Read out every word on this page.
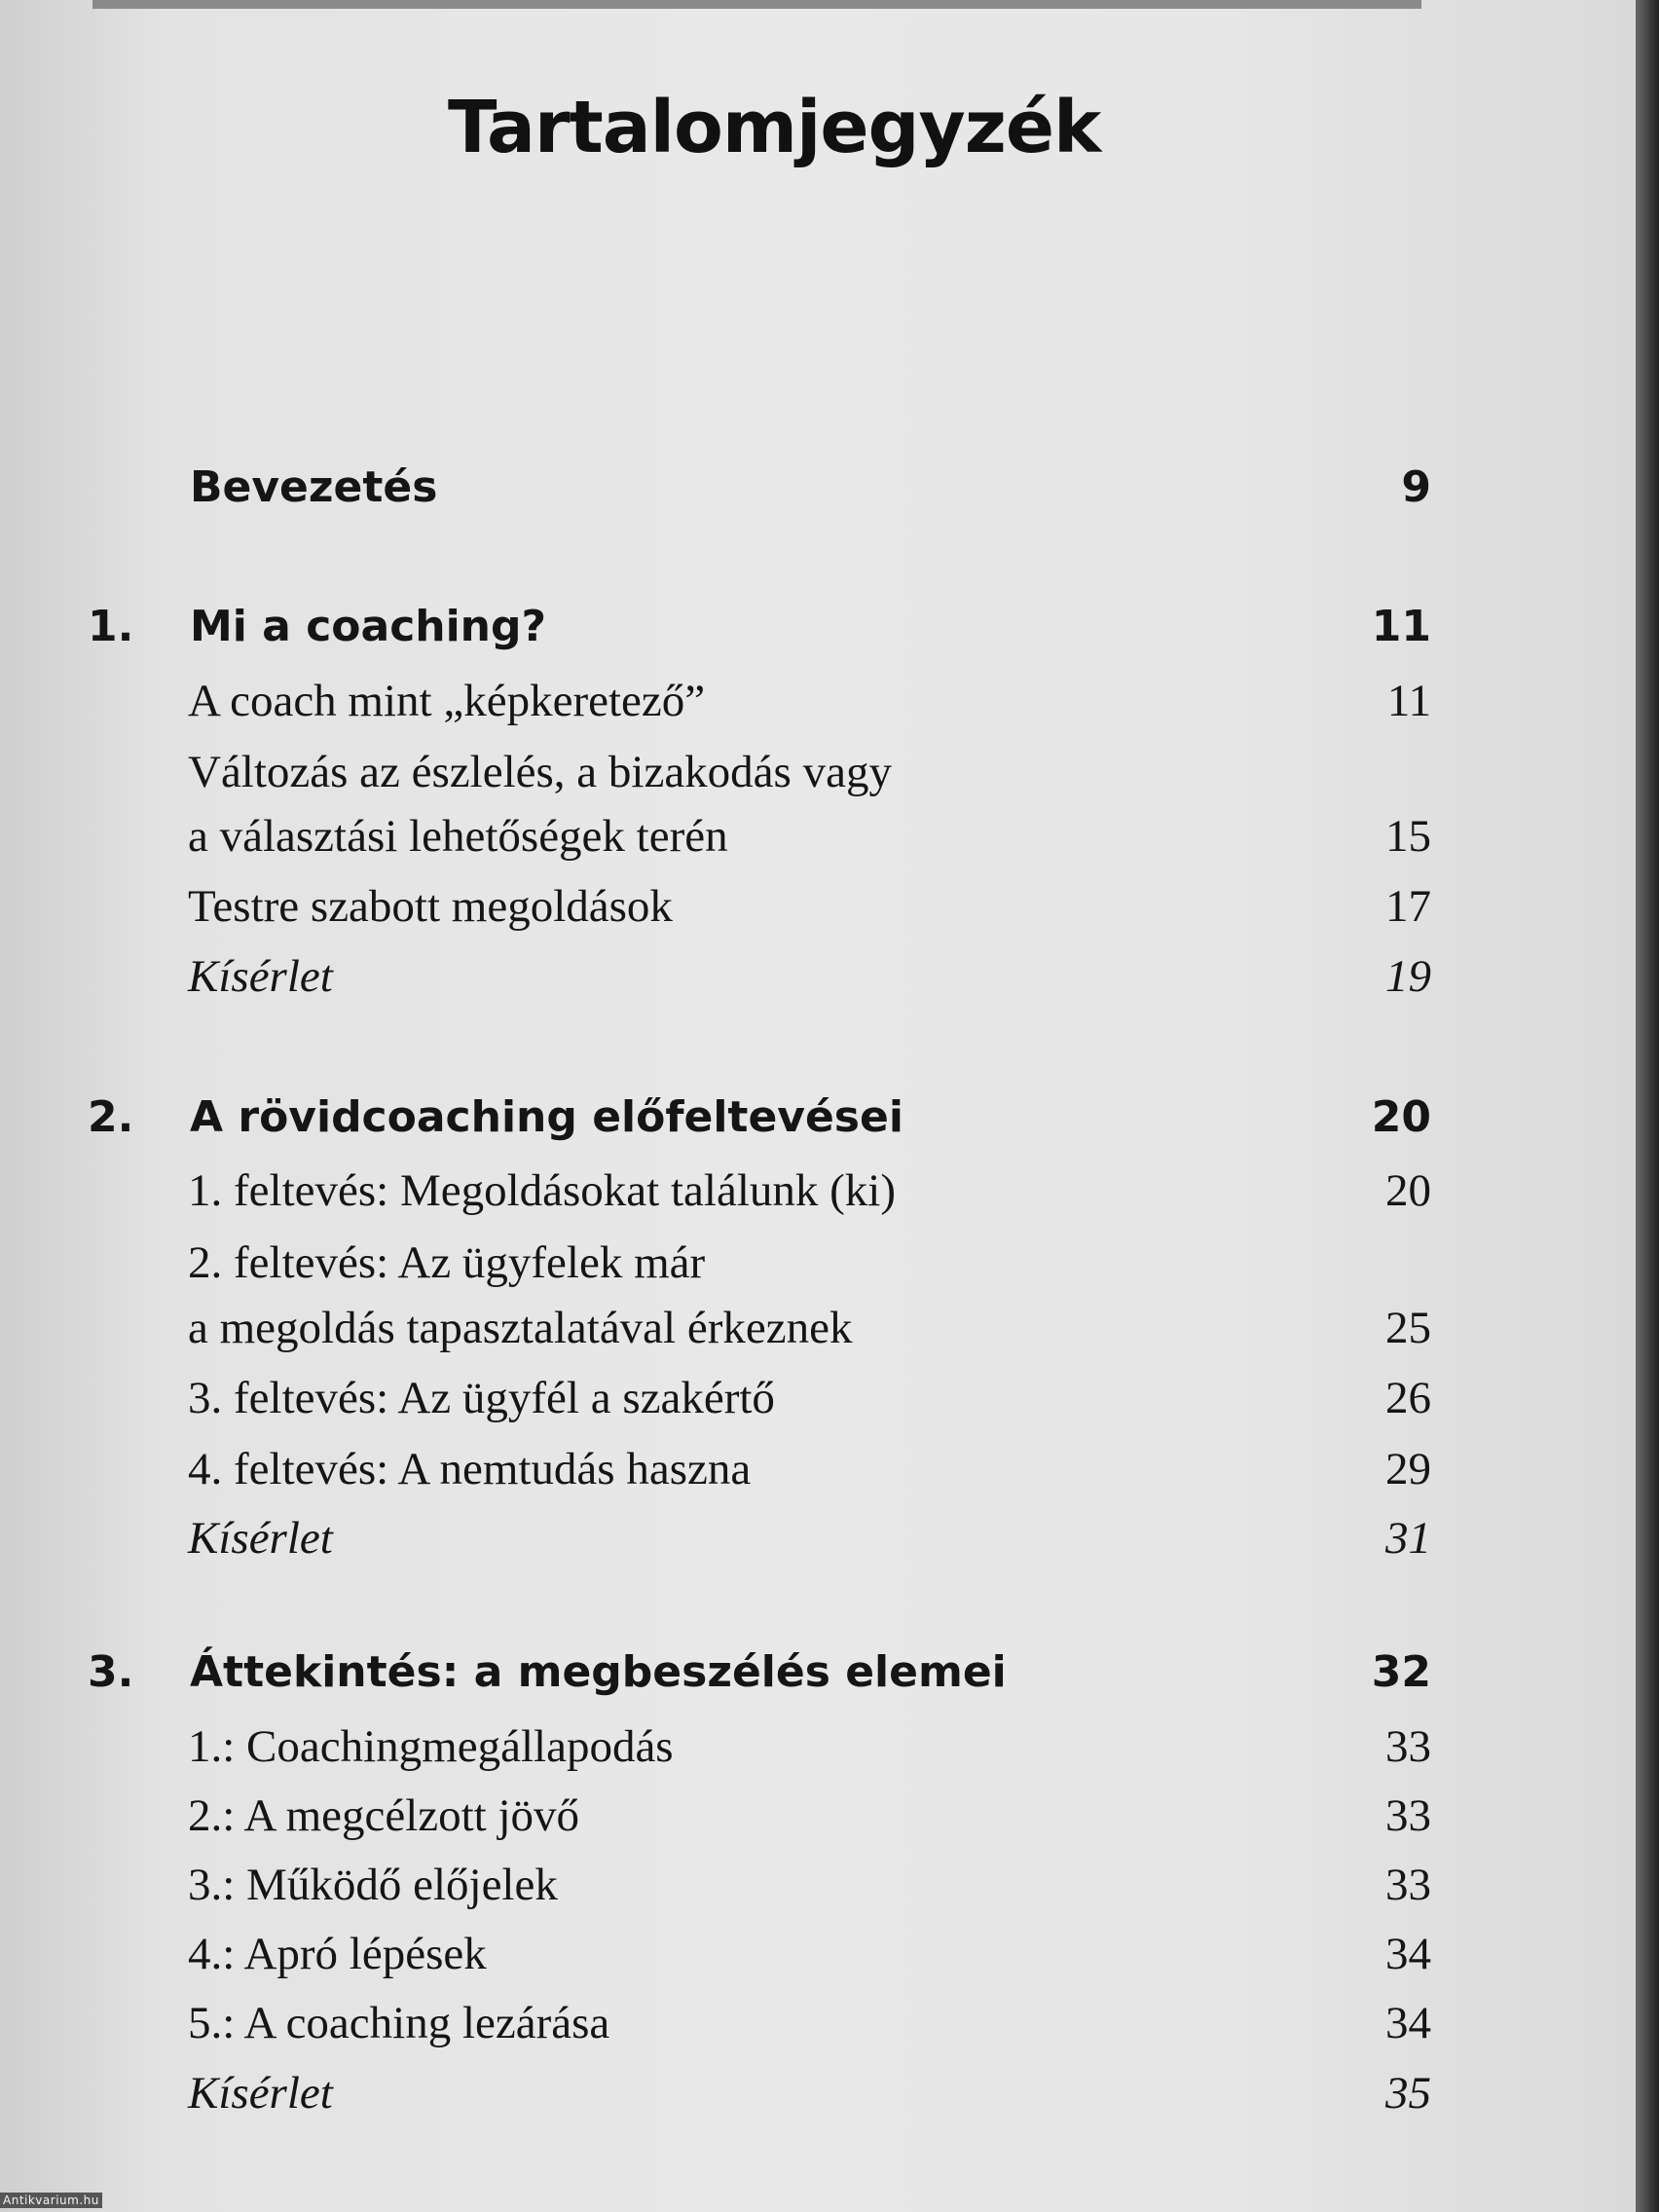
Tartalomjegyzék
Bevezetés	9
1. Mi a coaching?	11
A coach mint „képkeretező”	11
Változás az észlelés, a bizakodás vagy
a választási lehetőségek terén	15
Testre szabott megoldások	17
Kísérlet	19
2. A rövidcoaching előfeltevései	20
1. feltevés: Megoldásokat találunk (ki)	20
2. feltevés: Az ügyfelek már
a megoldás tapasztalatával érkeznek	25
3. feltevés: Az ügyfél a szakértő	26
4. feltevés: A nemtudás haszna	29
Kísérlet	31
3. Áttekintés: a megbeszélés elemei	32
1.: Coachingmegállapodás	33
2.: A megcélzott jövő	33
3.: Működő előjelek	33
4.: Apró lépések	34
5.: A coaching lezárása	34
Kísérlet	35
Antikvarium.hu
